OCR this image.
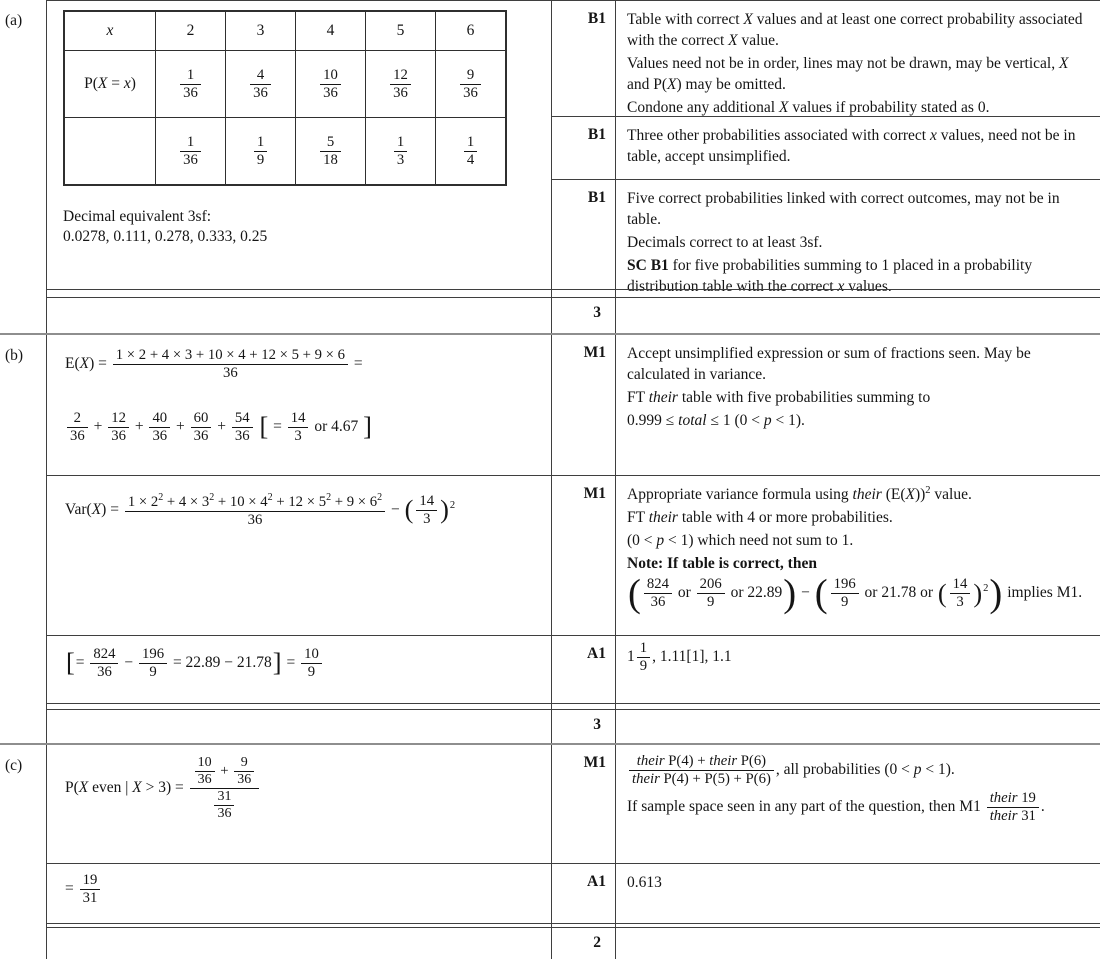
(a)
x	2	3	4	5	6
P(X = x)	$\frac{1}{36}$	$\frac{4}{36}$	$\frac{10}{36}$	$\frac{12}{36}$	$\frac{9}{36}$

	$\frac{1}{36}$	$\frac{1}{9}$	$\frac{5}{18}$	$\frac{1}{3}$	$\frac{1}{4}$
Decimal equivalent 3sf:
0.0278, 0.111, 0.278, 0.333, 0.25
B1	Table with correct X values and at least one correct probability associated with the correct X value.
Values need not be in order, lines may not be drawn, may be vertical, X and P(X) may be omitted.
Condone any additional X values if probability stated as 0.
B1	Three other probabilities associated with correct x values, need not be in table, accept unsimplified.
B1	Five correct probabilities linked with correct outcomes, may not be in table.
Decimals correct to at least 3sf.
SC B1 for five probabilities summing to 1 placed in a probability distribution table with the correct x values.
3
(b)	$E(X) = \frac{1 \times 2 + 4 \times 3 + 10 \times 4 + 12 \times 5 + 9 \times 6}{36}$ =
$\frac{2}{36} + \frac{12}{36} + \frac{40}{36} + \frac{60}{36} + \frac{54}{36}$ [ = $\frac{14}{3}$ or 4.67 ]
M1	Accept unsimplified expression or sum of fractions seen. May be calculated in variance.
FT their table with five probabilities summing to
0.999 ≤ total ≤ 1 (0 < p < 1).
$Var(X) = \frac{1 \times 2^2 + 4 \times 3^2 + 10 \times 4^2 + 12 \times 5^2 + 9 \times 6^2}{36}$ − ( $\frac{14}{3} )^2$
M1	Appropriate variance formula using their $(E(X))^2$ value.
FT their table with 4 or more probabilities.
(0 < p < 1) which need not sum to 1.
Note: If table is correct, then
( $\frac{824}{36}$ or $\frac{206}{9}$ or 22.89) − ( $\frac{196}{9}$ or 21.78 or ( $\frac{14}{3} )^2$) implies M1.
[= $\frac{824}{36} - \frac{196}{9} = 22.89 - 21.78] = \frac{10}{9}$	A1	$1 \frac{1}{9}$ , 1.11[1], 1.1
3
(c)
P(X even | $X > 3) = \frac{\frac{10}{36} + \frac{9}{36}}{\frac{31}{36}}$	M1	$\frac{\text{their P(4) + their P(6)}}{\text{their P(4) + P(5) + P(6)}}$ , all probabilities (0 < p < 1).
If sample space seen in any part of the question, then $M1 \frac{\text{their 19}}{\text{their 31}}$ .
= $\frac{19}{31}$	A1	0.613
2
